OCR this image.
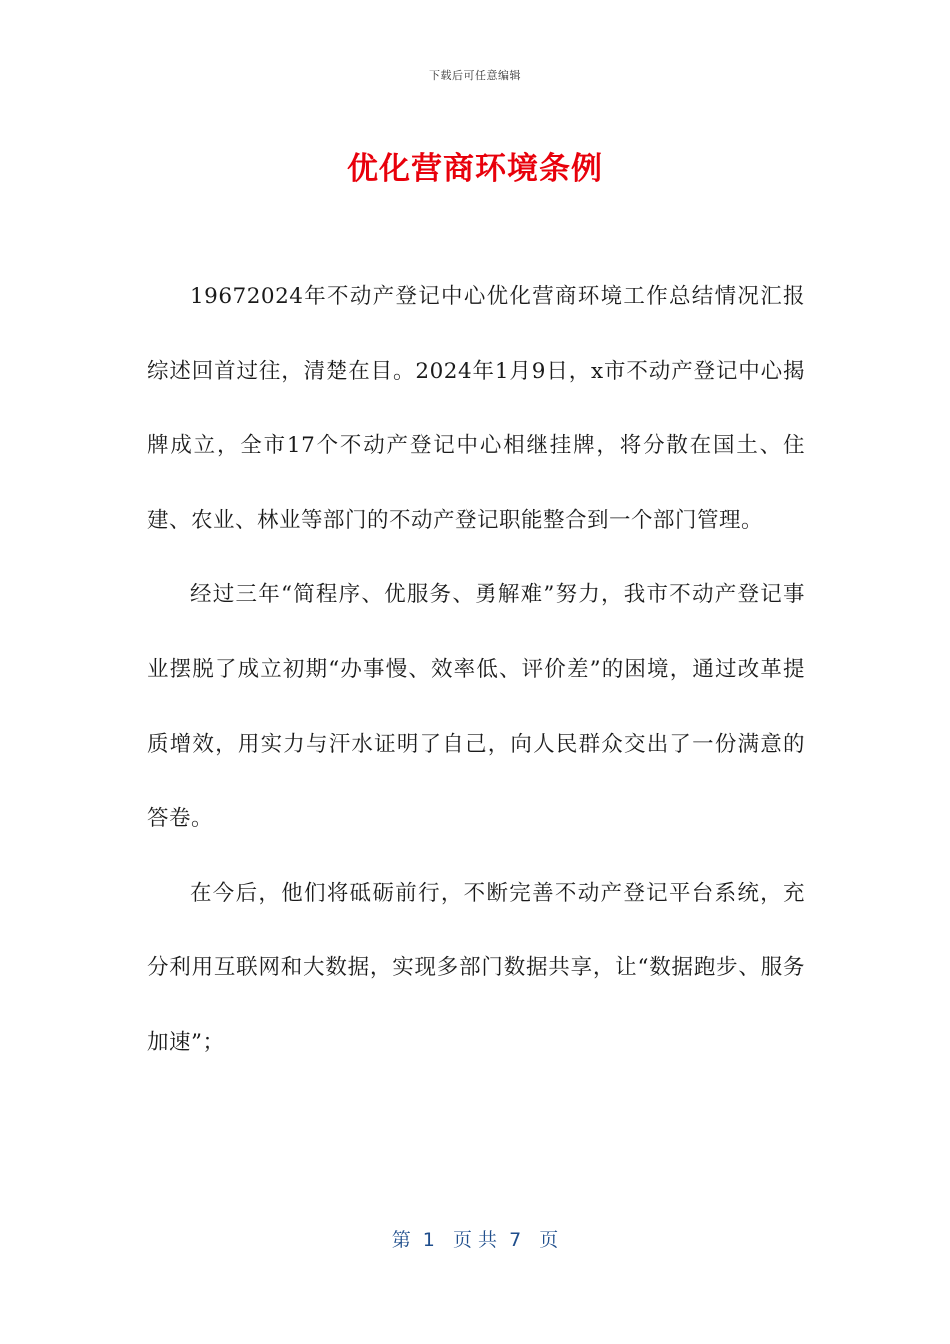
下载后可任意编辑
优化营商环境条例

19672024年不动产登记中心优化营商环境工作总结情况汇报综述回首过往，清楚在目。2024年1月9日，x市不动产登记中心揭牌成立，全市17个不动产登记中心相继挂牌，将分散在国土、住建、农业、林业等部门的不动产登记职能整合到一个部门管理。

经过三年“简程序、优服务、勇解难”努力，我市不动产登记事业摆脱了成立初期“办事慢、效率低、评价差”的困境，通过改革提质增效，用实力与汗水证明了自己，向人民群众交出了一份满意的答卷。

在今后，他们将砥砺前行，不断完善不动产登记平台系统，充分利用互联网和大数据，实现多部门数据共享，让“数据跑步、服务加速”；

第  1   页 共  7   页
